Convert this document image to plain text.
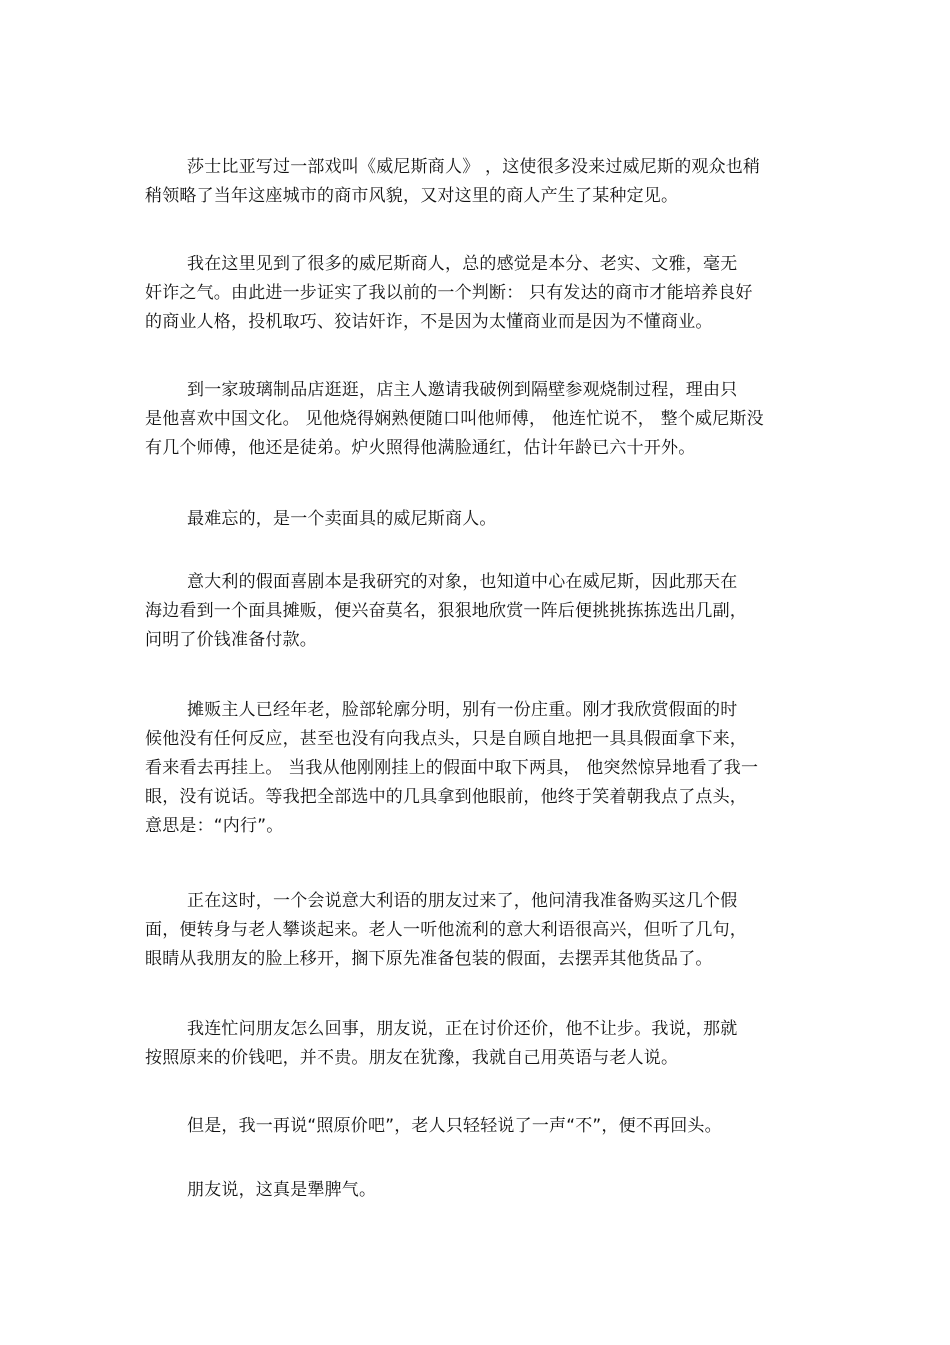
莎士比亚写过一部戏叫《威尼斯商人》 ，这使很多没来过威尼斯的观众也稍
稍领略了当年这座城市的商市风貌，又对这里的商人产生了某种定见。
我在这里见到了很多的威尼斯商人，总的感觉是本分、老实、文雅，毫无
奸诈之气。由此进一步证实了我以前的一个判断： 只有发达的商市才能培养良好
的商业人格，投机取巧、狡诘奸诈，不是因为太懂商业而是因为不懂商业。
到一家玻璃制品店逛逛，店主人邀请我破例到隔壁参观烧制过程，理由只
是他喜欢中国文化。 见他烧得娴熟便随口叫他师傅， 他连忙说不， 整个威尼斯没
有几个师傅，他还是徒弟。炉火照得他满脸通红，估计年龄已六十开外。
最难忘的，是一个卖面具的威尼斯商人。
意大利的假面喜剧本是我研究的对象，也知道中心在威尼斯，因此那天在
海边看到一个面具摊贩，便兴奋莫名，狠狠地欣赏一阵后便挑挑拣拣选出几副，
问明了价钱准备付款。
摊贩主人已经年老，脸部轮廓分明，别有一份庄重。刚才我欣赏假面的时
候他没有任何反应，甚至也没有向我点头，只是自顾自地把一具具假面拿下来，
看来看去再挂上。 当我从他刚刚挂上的假面中取下两具， 他突然惊异地看了我一
眼，没有说话。等我把全部选中的几具拿到他眼前，他终于笑着朝我点了点头，
意思是：“内行”。
正在这时，一个会说意大利语的朋友过来了，他问清我准备购买这几个假
面，便转身与老人攀谈起来。老人一听他流利的意大利语很高兴，但听了几句，
眼睛从我朋友的脸上移开，搁下原先准备包装的假面，去摆弄其他货品了。
我连忙问朋友怎么回事，朋友说，正在讨价还价，他不让步。我说，那就
按照原来的价钱吧，并不贵。朋友在犹豫，我就自己用英语与老人说。
但是，我一再说“照原价吧”，老人只轻轻说了一声“不”，便不再回头。
朋友说，这真是犟脾气。
